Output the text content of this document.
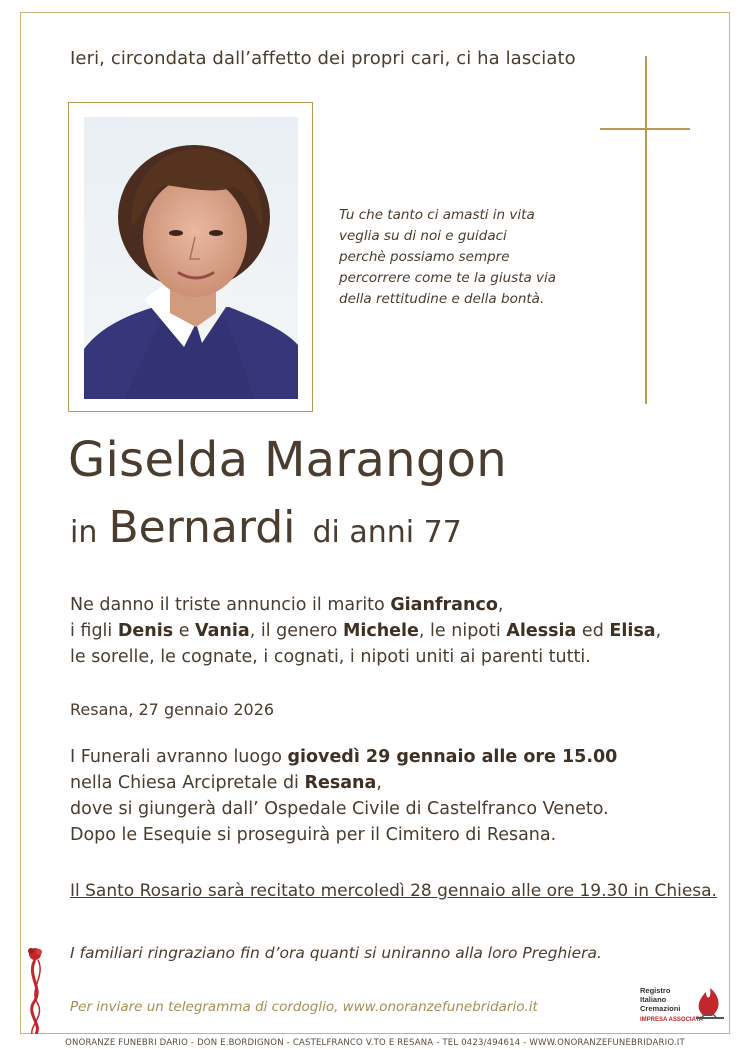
Ieri, circondata dall’affetto dei propri cari, ci ha lasciato
Tu che tanto ci amasti in vita
veglia su di noi e guidaci
perchè possiamo sempre
percorrere come te la giusta via
della rettitudine e della bontà.
Giselda Marangon
in Bernardi di anni 77
Ne danno il triste annuncio il marito Gianfranco,
i figli Denis e Vania, il genero Michele, le nipoti Alessia ed Elisa,
le sorelle, le cognate, i cognati, i nipoti uniti ai parenti tutti.
Resana, 27 gennaio 2026
I Funerali avranno luogo giovedì 29 gennaio alle ore 15.00
nella Chiesa Arcipretale di Resana,
dove si giungerà dall’ Ospedale Civile di Castelfranco Veneto.
Dopo le Esequie si proseguirà per il Cimitero di Resana.
Il Santo Rosario sarà recitato mercoledì 28 gennaio alle ore 19.30 in Chiesa.
I familiari ringraziano fin d’ora quanti si uniranno alla loro Preghiera.
Per inviare un telegramma di cordoglio, www.onoranzefunebridario.it
Registro
Italiano
Cremazioni
IMPRESA ASSOCIATA
ONORANZE FUNEBRI DARIO - DON E.BORDIGNON - CASTELFRANCO V.TO E RESANA - TEL 0423/494614 - WWW.ONORANZEFUNEBRIDARIO.IT
